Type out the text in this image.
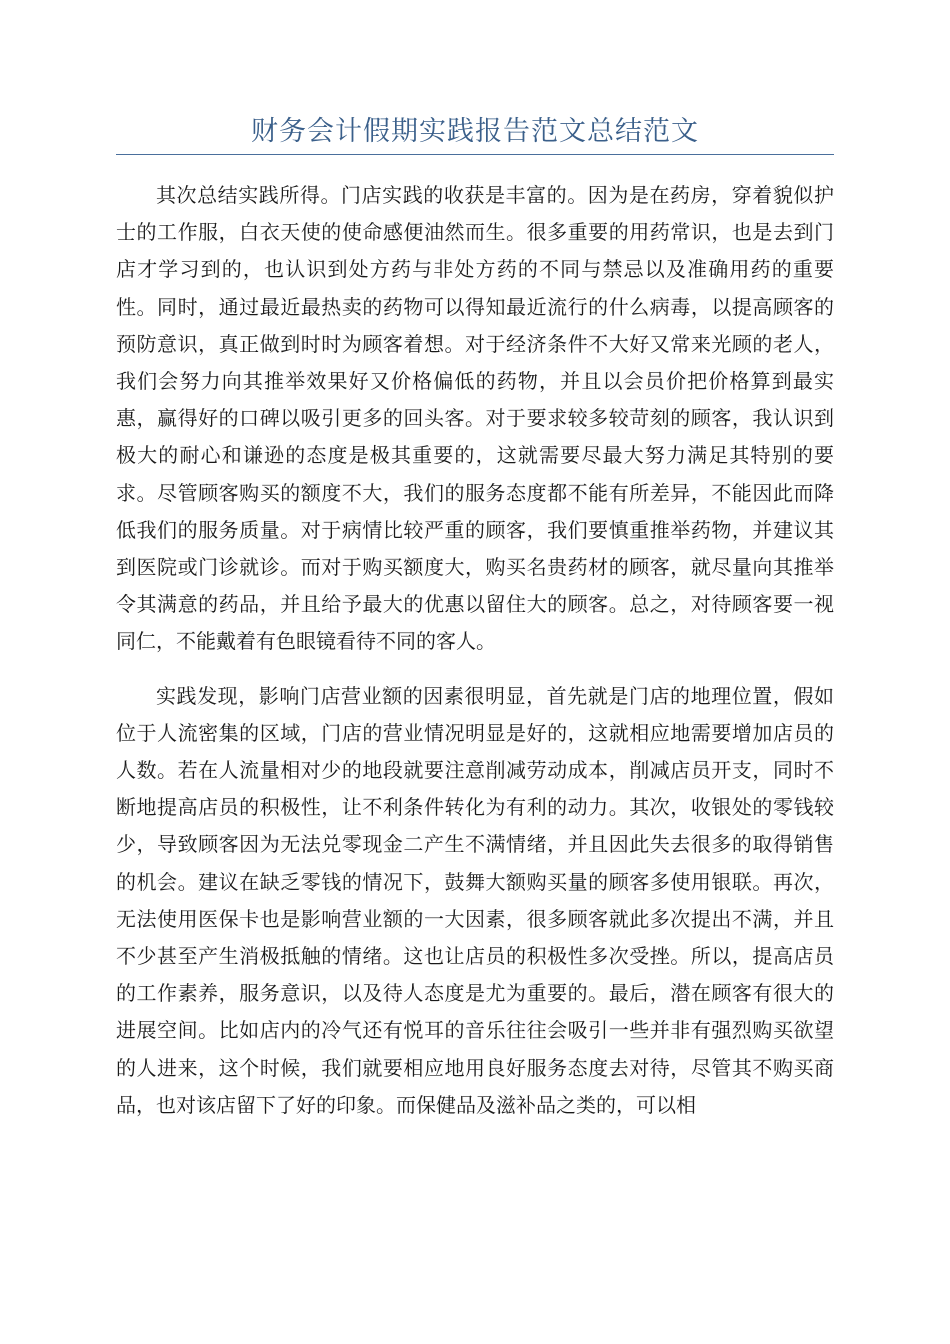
财务会计假期实践报告范文总结范文

其次总结实践所得。门店实践的收获是丰富的。因为是在药房，穿着貌似护士的工作服，白衣天使的使命感便油然而生。很多重要的用药常识，也是去到门店才学习到的，也认识到处方药与非处方药的不同与禁忌以及准确用药的重要性。同时，通过最近最热卖的药物可以得知最近流行的什么病毒，以提高顾客的预防意识，真正做到时时为顾客着想。对于经济条件不大好又常来光顾的老人，我们会努力向其推举效果好又价格偏低的药物，并且以会员价把价格算到最实惠，赢得好的口碑以吸引更多的回头客。对于要求较多较苛刻的顾客，我认识到极大的耐心和谦逊的态度是极其重要的，这就需要尽最大努力满足其特别的要求。尽管顾客购买的额度不大，我们的服务态度都不能有所差异，不能因此而降低我们的服务质量。对于病情比较严重的顾客，我们要慎重推举药物，并建议其到医院或门诊就诊。而对于购买额度大，购买名贵药材的顾客，就尽量向其推举令其满意的药品，并且给予最大的优惠以留住大的顾客。总之，对待顾客要一视同仁，不能戴着有色眼镜看待不同的客人。

实践发现，影响门店营业额的因素很明显，首先就是门店的地理位置，假如位于人流密集的区域，门店的营业情况明显是好的，这就相应地需要增加店员的人数。若在人流量相对少的地段就要注意削减劳动成本，削减店员开支，同时不断地提高店员的积极性，让不利条件转化为有利的动力。其次，收银处的零钱较少，导致顾客因为无法兑零现金二产生不满情绪，并且因此失去很多的取得销售的机会。建议在缺乏零钱的情况下，鼓舞大额购买量的顾客多使用银联。再次，无法使用医保卡也是影响营业额的一大因素，很多顾客就此多次提出不满，并且不少甚至产生消极抵触的情绪。这也让店员的积极性多次受挫。所以，提高店员的工作素养，服务意识，以及待人态度是尤为重要的。最后，潜在顾客有很大的进展空间。比如店内的冷气还有悦耳的音乐往往会吸引一些并非有强烈购买欲望的人进来，这个时候，我们就要相应地用良好服务态度去对待，尽管其不购买商品，也对该店留下了好的印象。而保健品及滋补品之类的，可以相
